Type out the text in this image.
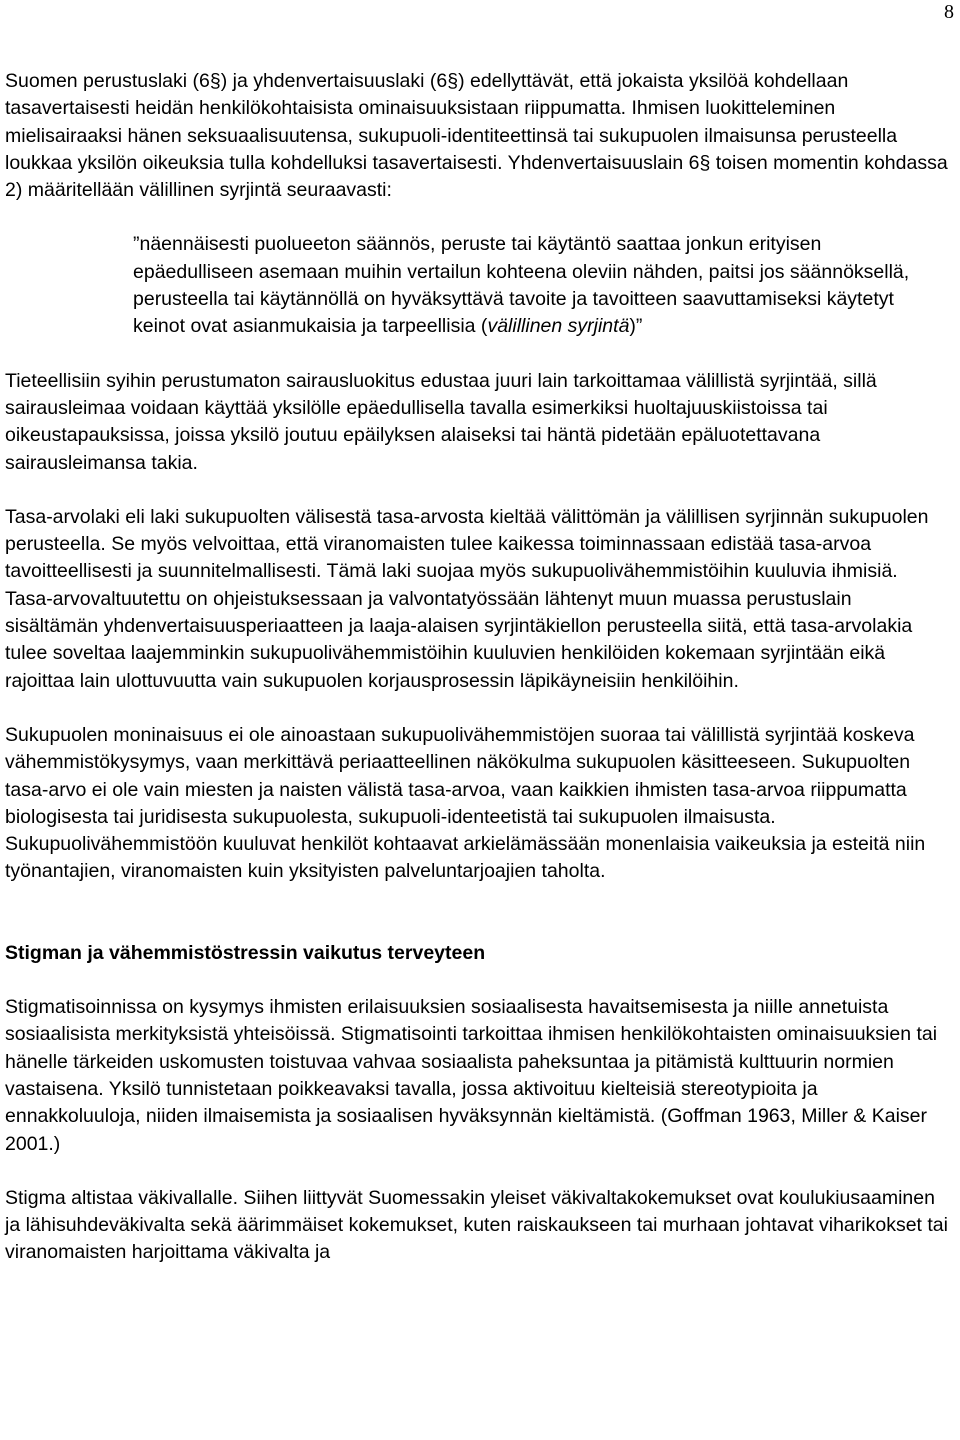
8

Suomen perustuslaki (6§) ja yhdenvertaisuuslaki (6§) edellyttävät, että jokaista yksilöä kohdellaan tasavertaisesti heidän henkilökohtaisista ominaisuuksistaan riippumatta. Ihmisen luokitteleminen mielisairaaksi hänen seksuaalisuutensa, sukupuoli-identiteettinsä tai sukupuolen ilmaisunsa perusteella loukkaa yksilön oikeuksia tulla kohdelluksi tasavertaisesti. Yhdenvertaisuuslain 6§ toisen momentin kohdassa 2) määritellään välillinen syrjintä seuraavasti:

”näennäisesti puolueeton säännös, peruste tai käytäntö saattaa jonkun erityisen epäedulliseen asemaan muihin vertailun kohteena oleviin nähden, paitsi jos säännöksellä, perusteella tai käytännöllä on hyväksyttävä tavoite ja tavoitteen saavuttamiseksi käytetyt keinot ovat asianmukaisia ja tarpeellisia (välillinen syrjintä)”

Tieteellisiin syihin perustumaton sairausluokitus edustaa juuri lain tarkoittamaa välillistä syrjintää, sillä sairausleimaa voidaan käyttää yksilölle epäedullisella tavalla esimerkiksi huoltajuuskiistoissa tai oikeustapauksissa, joissa yksilö joutuu epäilyksen alaiseksi tai häntä pidetään epäluotettavana sairausleimansa takia.

Tasa-arvolaki eli laki sukupuolten välisestä tasa-arvosta kieltää välittömän ja välillisen syrjinnän sukupuolen perusteella. Se myös velvoittaa, että viranomaisten tulee kaikessa toiminnassaan edistää tasa-arvoa tavoitteellisesti ja suunnitelmallisesti. Tämä laki suojaa myös sukupuolivähemmistöihin kuuluvia ihmisiä. Tasa-arvovaltuutettu on ohjeistuksessaan ja valvontatyössään lähtenyt muun muassa perustuslain sisältämän yhdenvertaisuusperiaatteen ja laaja-alaisen syrjintäkiellon perusteella siitä, että tasa-arvolakia tulee soveltaa laajemminkin sukupuolivähemmistöihin kuuluvien henkilöiden kokemaan syrjintään eikä rajoittaa lain ulottuvuutta vain sukupuolen korjausprosessin läpikäyneisiin henkilöihin.

Sukupuolen moninaisuus ei ole ainoastaan sukupuolivähemmistöjen suoraa tai välillistä syrjintää koskeva vähemmistökysymys, vaan merkittävä periaatteellinen näkökulma sukupuolen käsitteeseen. Sukupuolten tasa-arvo ei ole vain miesten ja naisten välistä tasa-arvoa, vaan kaikkien ihmisten tasa-arvoa riippumatta biologisesta tai juridisesta sukupuolesta, sukupuoli-identeetistä tai sukupuolen ilmaisusta. Sukupuolivähemmistöön kuuluvat henkilöt kohtaavat arkielämässään monenlaisia vaikeuksia ja esteitä niin työnantajien, viranomaisten kuin yksityisten palveluntarjoajien taholta.

Stigman ja vähemmistöstressin vaikutus terveyteen

Stigmatisoinnissa on kysymys ihmisten erilaisuuksien sosiaalisesta havaitsemisesta ja niille annetuista sosiaalisista merkityksistä yhteisöissä. Stigmatisointi tarkoittaa ihmisen henkilökohtaisten ominaisuuksien tai hänelle tärkeiden uskomusten toistuvaa vahvaa sosiaalista paheksuntaa ja pitämistä kulttuurin normien vastaisena. Yksilö tunnistetaan poikkeavaksi tavalla, jossa aktivoituu kielteisiä stereotypioita ja ennakkoluuloja, niiden ilmaisemista ja sosiaalisen hyväksynnän kieltämistä. (Goffman 1963, Miller & Kaiser 2001.)

Stigma altistaa väkivallalle. Siihen liittyvät Suomessakin yleiset väkivaltakokemukset ovat koulukiusaaminen ja lähisuhdeväkivalta sekä äärimmäiset kokemukset, kuten raiskaukseen tai murhaan johtavat viharikokset tai viranomaisten harjoittama väkivalta ja
